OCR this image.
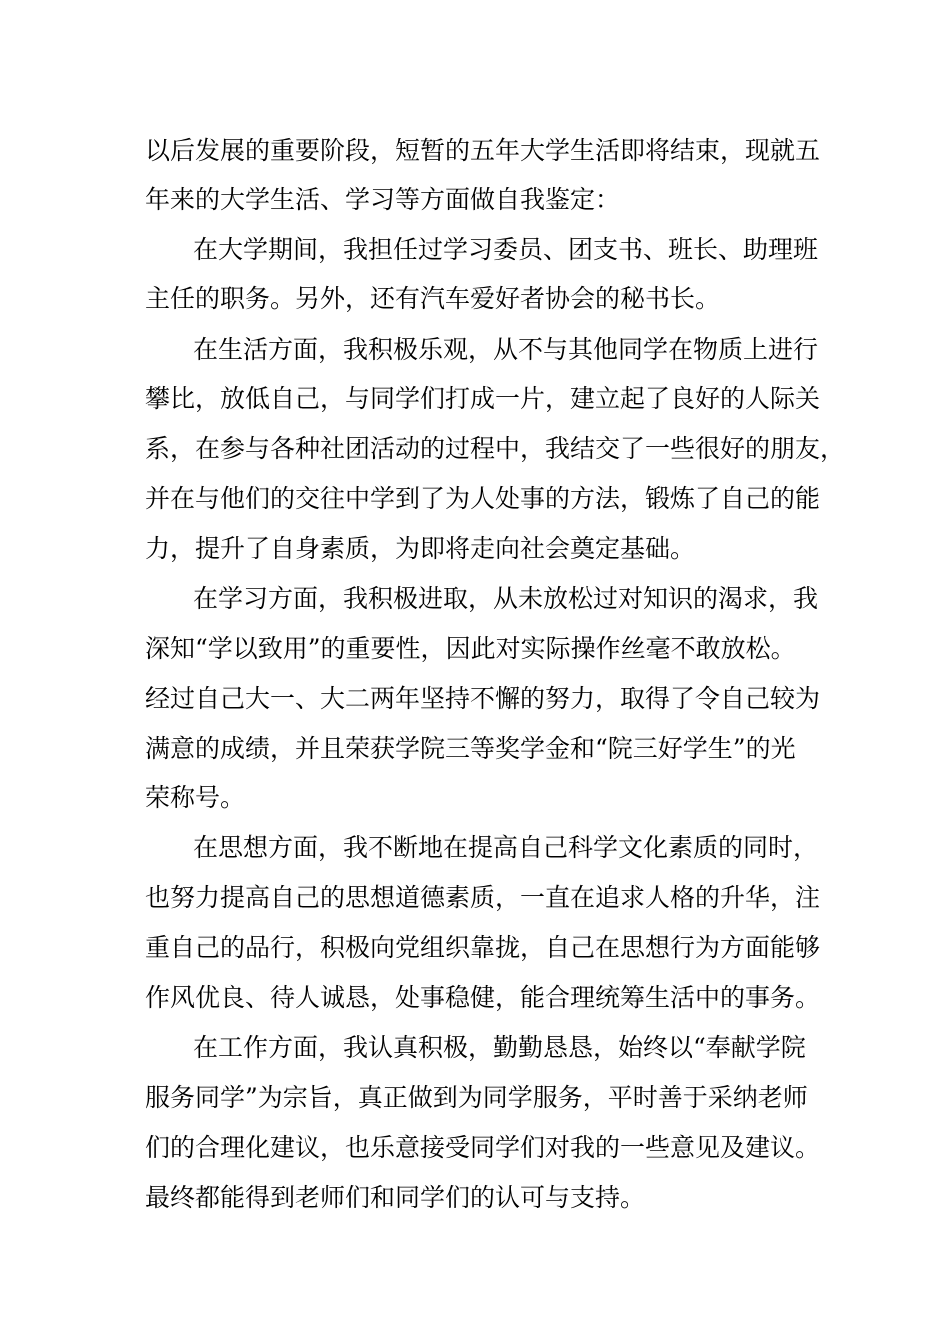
以后发展的重要阶段，短暂的五年大学生活即将结束，现就五

年来的大学生活、学习等方面做自我鉴定：

在大学期间，我担任过学习委员、团支书、班长、助理班

主任的职务。另外，还有汽车爱好者协会的秘书长。

在生活方面，我积极乐观，从不与其他同学在物质上进行

攀比，放低自己，与同学们打成一片，建立起了良好的人际关

系，在参与各种社团活动的过程中，我结交了一些很好的朋友，

并在与他们的交往中学到了为人处事的方法，锻炼了自己的能

力，提升了自身素质，为即将走向社会奠定基础。

在学习方面，我积极进取，从未放松过对知识的渴求，我

深知“学以致用”的重要性，因此对实际操作丝毫不敢放松。

经过自己大一、大二两年坚持不懈的努力，取得了令自己较为

满意的成绩，并且荣获学院三等奖学金和“院三好学生”的光

荣称号。

在思想方面，我不断地在提高自己科学文化素质的同时，

也努力提高自己的思想道德素质，一直在追求人格的升华，注

重自己的品行，积极向党组织靠拢，自己在思想行为方面能够

作风优良、待人诚恳，处事稳健，能合理统筹生活中的事务。

在工作方面，我认真积极，勤勤恳恳，始终以“奉献学院

服务同学”为宗旨，真正做到为同学服务，平时善于采纳老师

们的合理化建议，也乐意接受同学们对我的一些意见及建议。

最终都能得到老师们和同学们的认可与支持。
